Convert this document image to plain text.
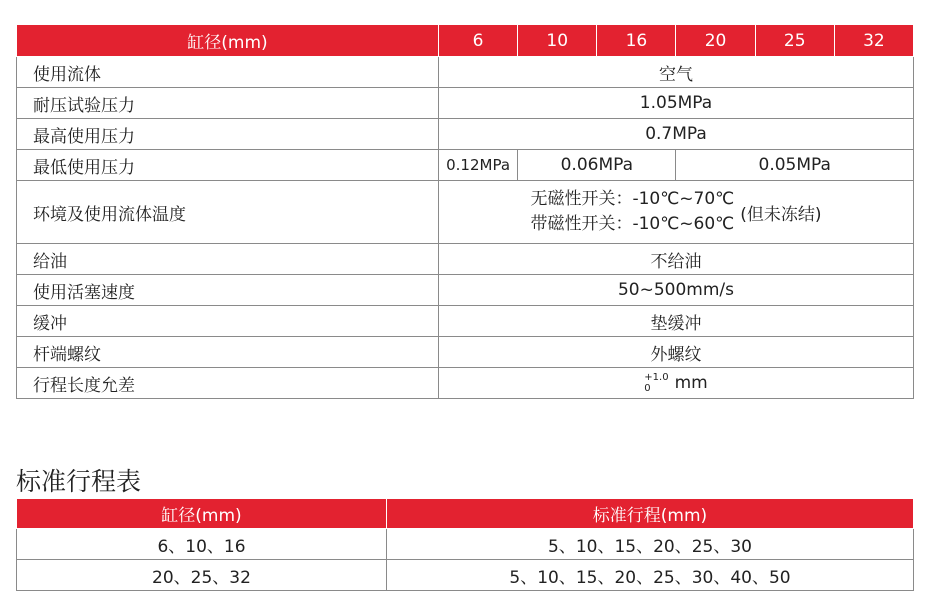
缸径(mm)	6	10	16	20	25	32
使用流体	空气					
耐压试验压力	1.05MPa					
最高使用压力	0.7MPa					
最低使用压力	0.12MPa	0.06MPa		0.05MPa		
环境及使用流体温度	无磁性开关：-10℃~70℃
带磁性开关：-10℃~60℃ (但未冻结)					

给油	不给油					
使用活塞速度	50~500mm/s					
缓冲	垫缓冲					
杆端螺纹	外螺纹					
行程长度允差	+1.0
0 mm					
标准行程表
缸径(mm)	标准行程(mm)
6、10、16	5、10、15、20、25、30
20、25、32	5、10、15、20、25、30、40、50
